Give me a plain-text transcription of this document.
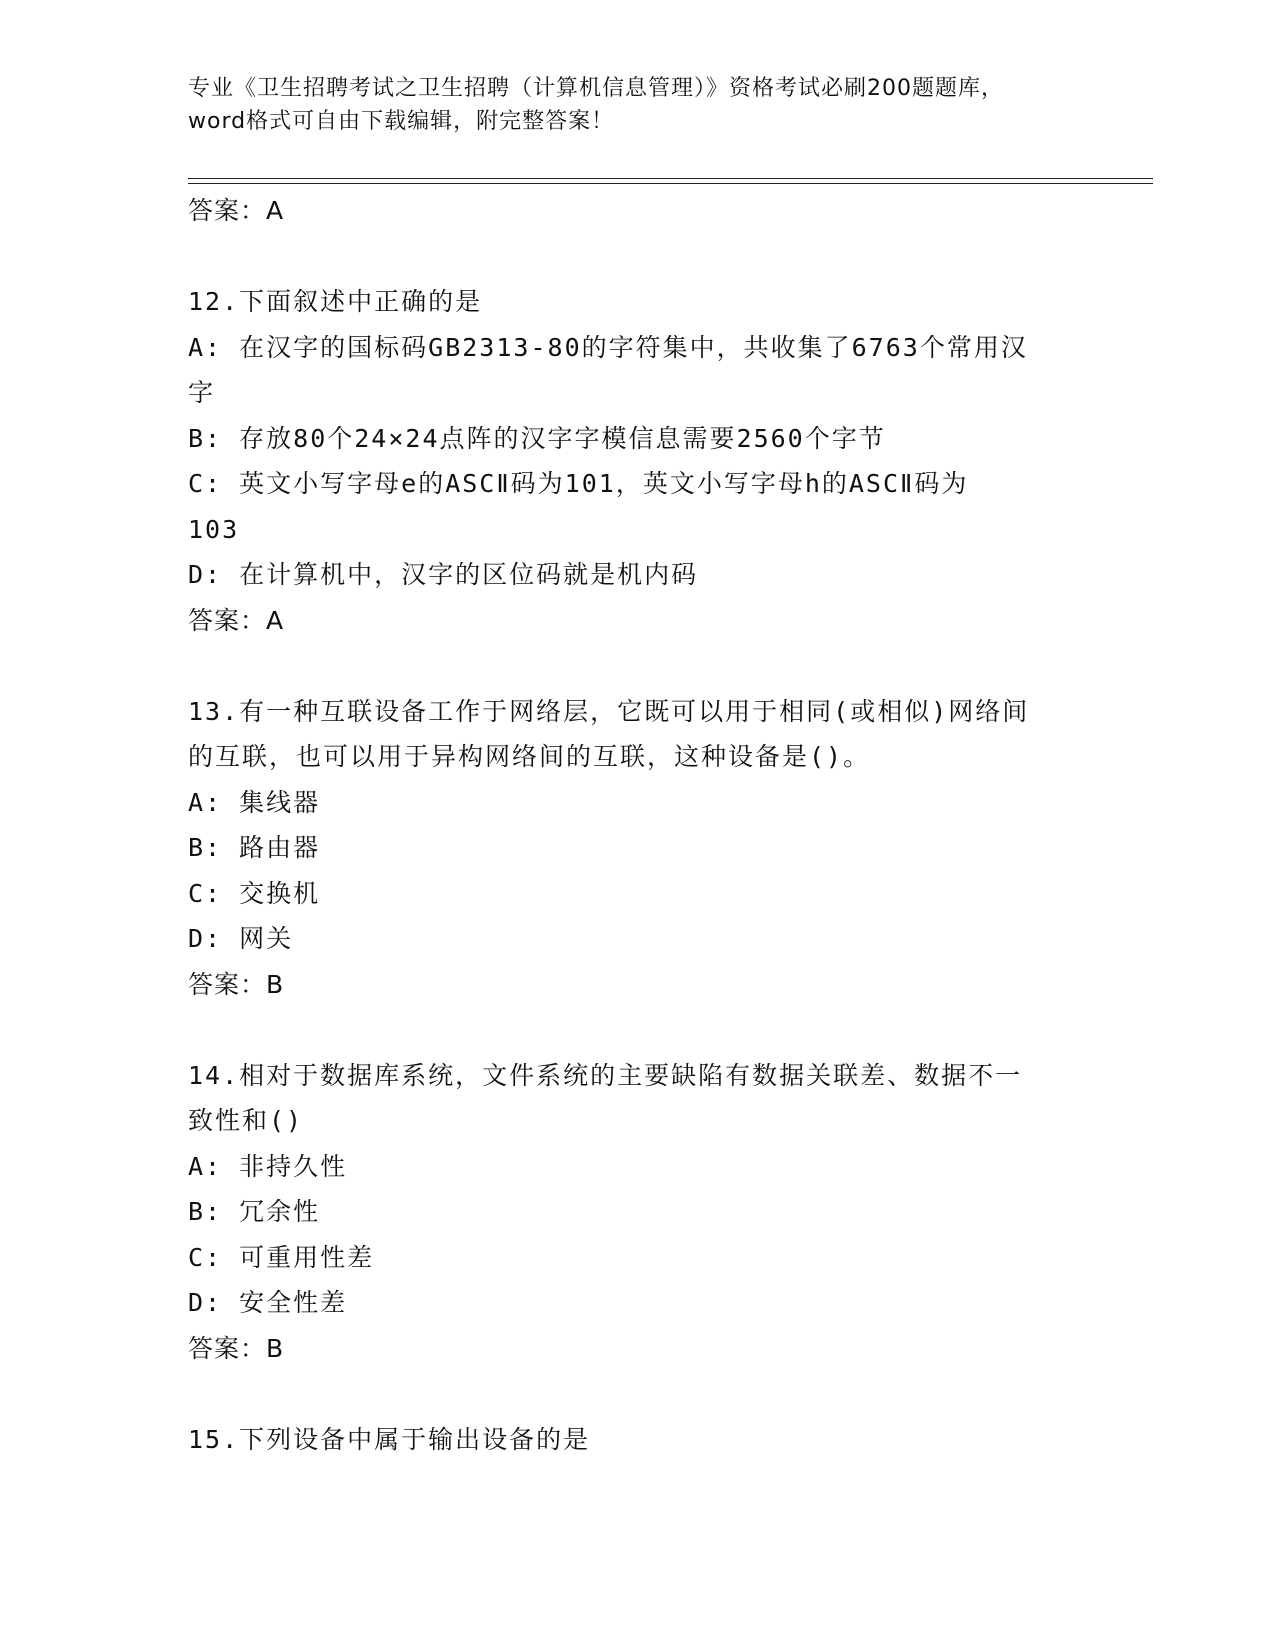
专业《卫生招聘考试之卫生招聘（计算机信息管理）》资格考试必刷200题题库，
word格式可自由下载编辑，附完整答案！
答案：A
12.下面叙述中正确的是
A: 在汉字的国标码GB2313-80的字符集中，共收集了6763个常用汉
字
B: 存放80个24×24点阵的汉字字模信息需要2560个字节
C: 英文小写字母e的ASCⅡ码为101，英文小写字母h的ASCⅡ码为
103
D: 在计算机中，汉字的区位码就是机内码
答案：A
13.有一种互联设备工作于网络层，它既可以用于相同(或相似)网络间
的互联，也可以用于异构网络间的互联，这种设备是()。
A: 集线器
B: 路由器
C: 交换机
D: 网关
答案：B
14.相对于数据库系统，文件系统的主要缺陷有数据关联差、数据不一
致性和()
A: 非持久性
B: 冗余性
C: 可重用性差
D: 安全性差
答案：B
15.下列设备中属于输出设备的是
